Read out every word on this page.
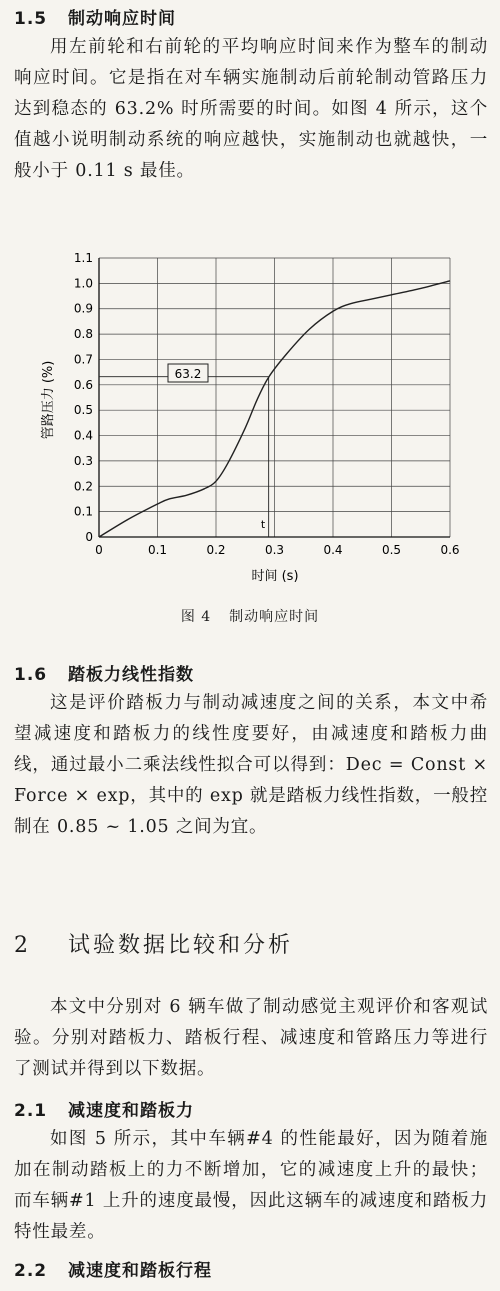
1.5 制动响应时间
用左前轮和右前轮的平均响应时间来作为整车的制动响应时间。它是指在对车辆实施制动后前轮制动管路压力达到稳态的 63.2% 时所需要的时间。如图 4 所示，这个值越小说明制动系统的响应越快，实施制动也就越快，一般小于 0.11 s 最佳。
0	0.1	0.2	0.3	0.4	0.5	0.6
0
0.1
0.2
0.3
0.4
0.5
0.6
0.7
0.8
0.9
1.0
1.1
63.2
t
时间 (s)
管路压力 (%)
图 4 制动响应时间
1.6 踏板力线性指数
这是评价踏板力与制动减速度之间的关系，本文中希望减速度和踏板力的线性度要好，由减速度和踏板力曲线，通过最小二乘法线性拟合可以得到：Dec = Const × Force × exp，其中的 exp 就是踏板力线性指数，一般控制在 0.85 ~ 1.05 之间为宜。
2 试验数据比较和分析
本文中分别对 6 辆车做了制动感觉主观评价和客观试验。分别对踏板力、踏板行程、减速度和管路压力等进行了测试并得到以下数据。
2.1 减速度和踏板力
如图 5 所示，其中车辆#4 的性能最好，因为随着施加在制动踏板上的力不断增加，它的减速度上升的最快；而车辆#1 上升的速度最慢，因此这辆车的减速度和踏板力特性最差。
2.2 减速度和踏板行程
